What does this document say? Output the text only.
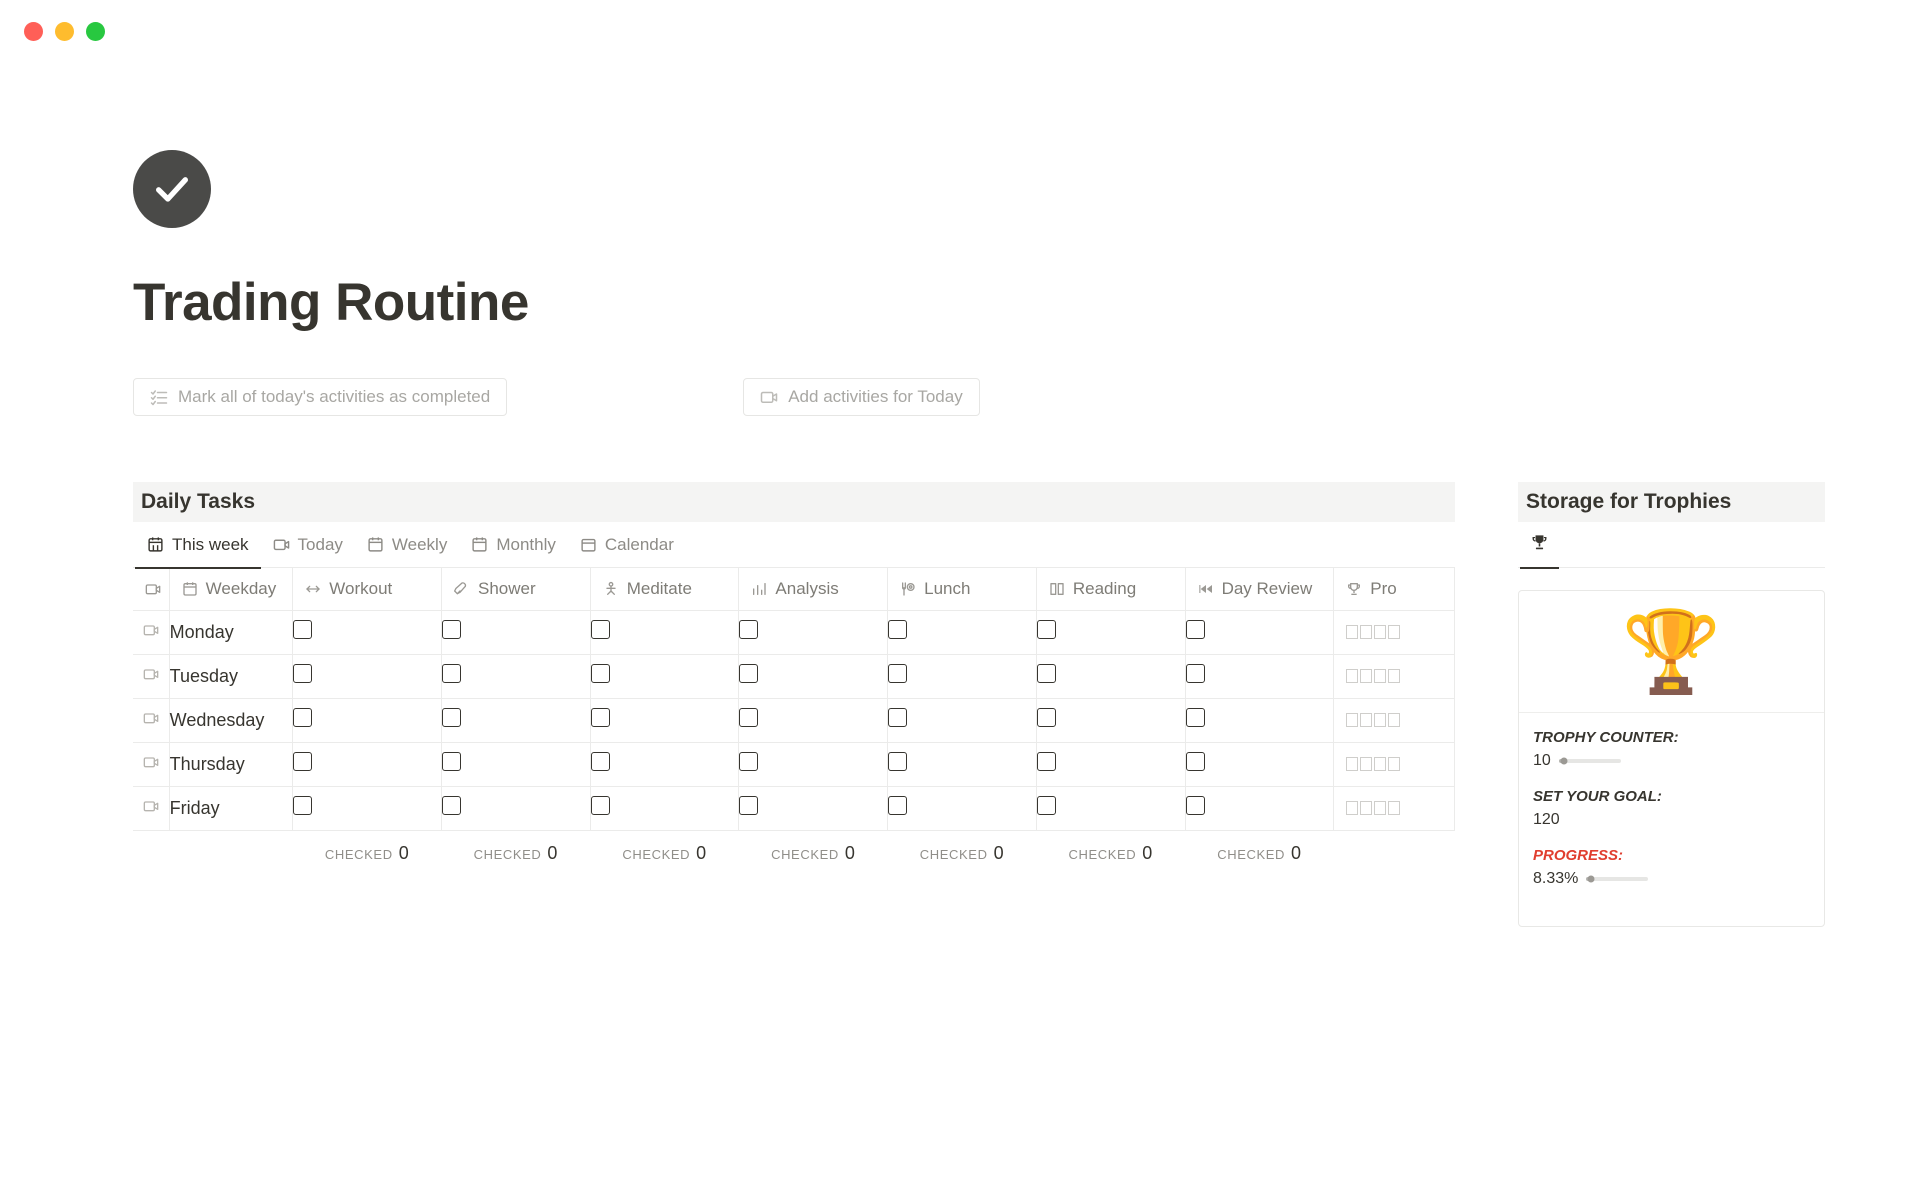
Trading Routine
Mark all of today's activities as completed	Add activities for Today
Daily Tasks
This week	Today	Weekly	Monthly	Calendar

Weekday	Workout	Shower	Meditate	Analysis	Lunch	Reading	Day Review	Pro

	Monday								

	Tuesday								

	Wednesday								

	Thursday								

	Friday								

		CHECKED 0	CHECKED 0	CHECKED 0	CHECKED 0	CHECKED 0	CHECKED 0	CHECKED 0	

Storage for Trophies
🏆
TROPHY COUNTER:
10
SET YOUR GOAL:
120
PROGRESS:
8.33%
